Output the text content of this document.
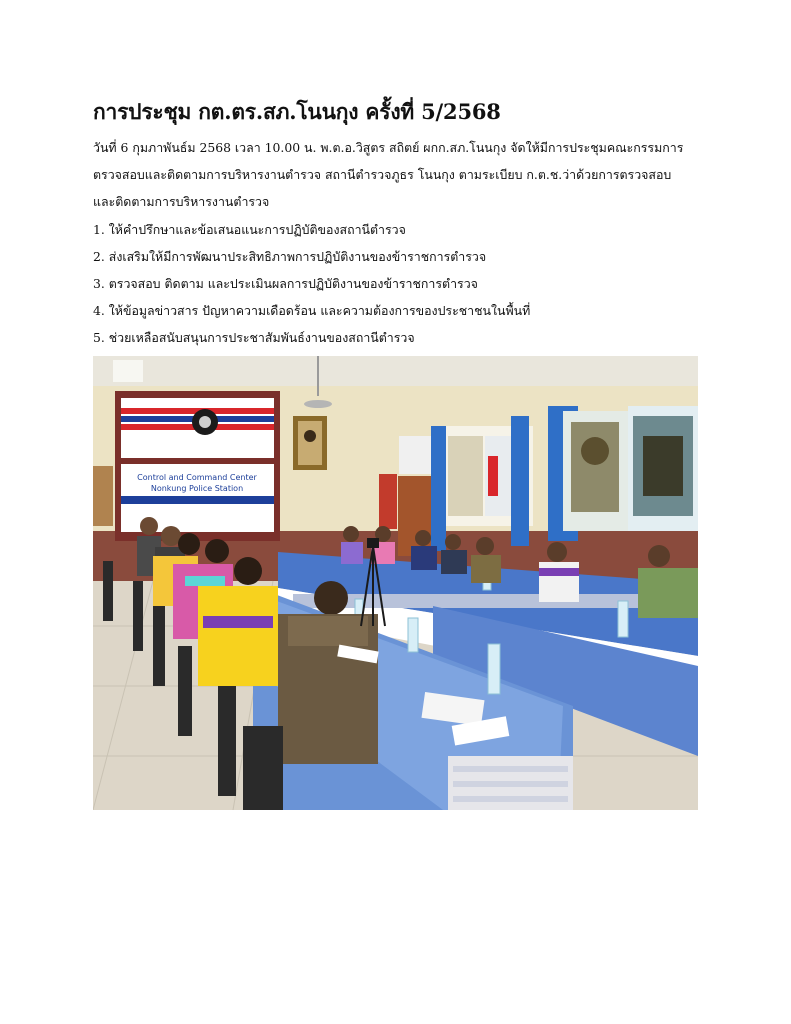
การประชุม กต.ตร.สภ.โนนกุง ครั้งที่ 5/2568
วันที่ 6 กุมภาพันธ์ม 2568 เวลา 10.00 น. พ.ต.อ.วิสูตร สถิตย์ ผกก.สภ.โนนกุง จัดให้มีการประชุมคณะกรรมการ
ตรวจสอบและติดตามการบริหารงานตำรวจ สถานีตำรวจภูธร โนนกุง ตามระเบียบ ก.ต.ช.ว่าด้วยการตรวจสอบ
และติดตามการบริหารงานตำรวจ
1. ให้คำปรึกษาและข้อเสนอแนะการปฏิบัติของสถานีตำรวจ
2. ส่งเสริมให้มีการพัฒนาประสิทธิภาพการปฏิบัติงานของข้าราชการตำรวจ
3. ตรวจสอบ ติดตาม และประเมินผลการปฏิบัติงานของข้าราชการตำรวจ
4. ให้ข้อมูลข่าวสาร ปัญหาความเดือดร้อน และความต้องการของประชาชนในพื้นที่
5. ช่วยเหลือสนับสนุนการประชาสัมพันธ์งานของสถานีตำรวจ
Control and Command Center
Nonkung Police Station
